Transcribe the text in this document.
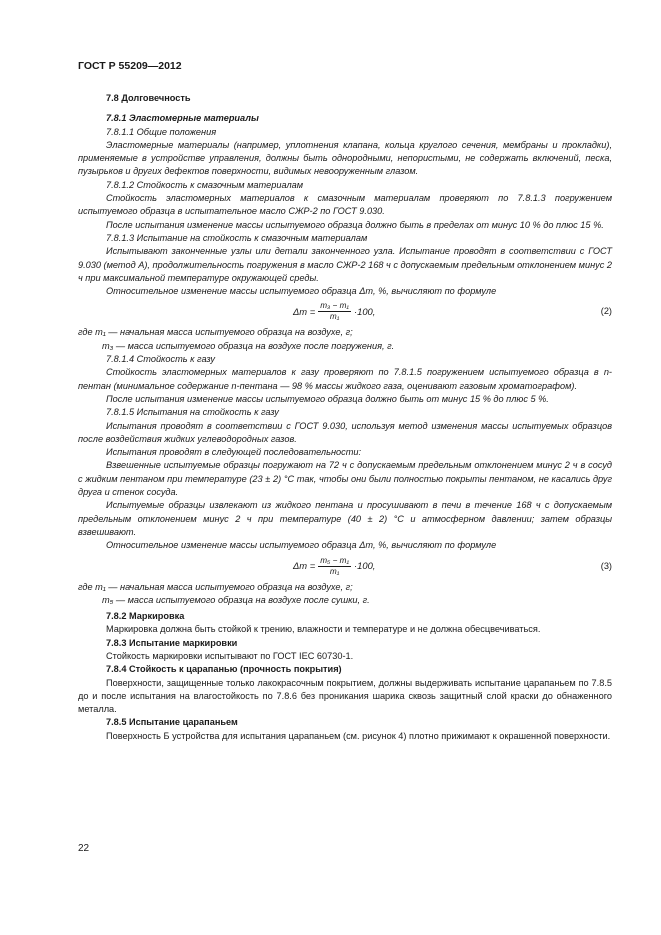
ГОСТ Р 55209—2012

7.8 Долговечность

7.8.1 Эластомерные материалы

7.8.1.1 Общие положения

Эластомерные материалы (например, уплотнения клапана, кольца круглого сечения, мембраны и прокладки), применяемые в устройстве управления, должны быть однородными, непористыми, не содержать включений, песка, пузырьков и других дефектов поверхности, видимых невооруженным глазом.

7.8.1.2 Стойкость к смазочным материалам

Стойкость эластомерных материалов к смазочным материалам проверяют по 7.8.1.3 погружением испытуемого образца в испытательное масло СЖР-2 по ГОСТ 9.030.

После испытания изменение массы испытуемого образца должно быть в пределах от минус 10 % до плюс 15 %.

7.8.1.3 Испытание на стойкость к смазочным материалам

Испытывают законченные узлы или детали законченного узла. Испытание проводят в соответствии с ГОСТ 9.030 (метод А), продолжительность погружения в масло СЖР-2 168 ч с допускаемым предельным отклонением минус 2 ч при максимальной температуре окружающей среды.

Относительное изменение массы испытуемого образца Δm, %, вычисляют по формуле

$\Delta m = \frac{\text{m₃ − m₁}}{\text{m₁}} \cdot 100$,	(2)

где m₁ — начальная масса испытуемого образца на воздухе, г;

m₃ — масса испытуемого образца на воздухе после погружения, г.

7.8.1.4 Стойкость к газу

Стойкость эластомерных материалов к газу проверяют по 7.8.1.5 погружением испытуемого образца в n-пентан (минимальное содержание n-пентана — 98 % массы жидкого газа, оценивают газовым хроматографом).

После испытания изменение массы испытуемого образца должно быть от минус 15 % до плюс 5 %.

7.8.1.5 Испытания на стойкость к газу

Испытания проводят в соответствии с ГОСТ 9.030, используя метод изменения массы испытуемых образцов после воздействия жидких углеводородных газов.

Испытания проводят в следующей последовательности:

Взвешенные испытуемые образцы погружают на 72 ч с допускаемым предельным отклонением минус 2 ч в сосуд с жидким пентаном при температуре (23 ± 2) °С так, чтобы они были полностью покрыты пентаном, не касались друг друга и стенок сосуда.

Испытуемые образцы извлекают из жидкого пентана и просушивают в печи в течение 168 ч с допускаемым предельным отклонением минус 2 ч при температуре (40 ± 2) °С и атмосферном давлении; затем образцы взвешивают.

Относительное изменение массы испытуемого образца Δm, %, вычисляют по формуле

$\Delta m = \frac{\text{m₅ − m₁}}{\text{m₁}} \cdot 100$,	(3)

где m₁ — начальная масса испытуемого образца на воздухе, г;

m₅ — масса испытуемого образца на воздухе после сушки, г.

7.8.2 Маркировка

Маркировка должна быть стойкой к трению, влажности и температуре и не должна обесцвечиваться.

7.8.3 Испытание маркировки

Стойкость маркировки испытывают по ГОСТ IEC 60730-1.

7.8.4 Стойкость к царапанью (прочность покрытия)

Поверхности, защищенные только лакокрасочным покрытием, должны выдерживать испытание царапаньем по 7.8.5 до и после испытания на влагостойкость по 7.8.6 без проникания шарика сквозь защитный слой краски до обнаженного металла.

7.8.5 Испытание царапаньем

Поверхность Б устройства для испытания царапаньем (см. рисунок 4) плотно прижимают к окрашенной поверхности.

22
